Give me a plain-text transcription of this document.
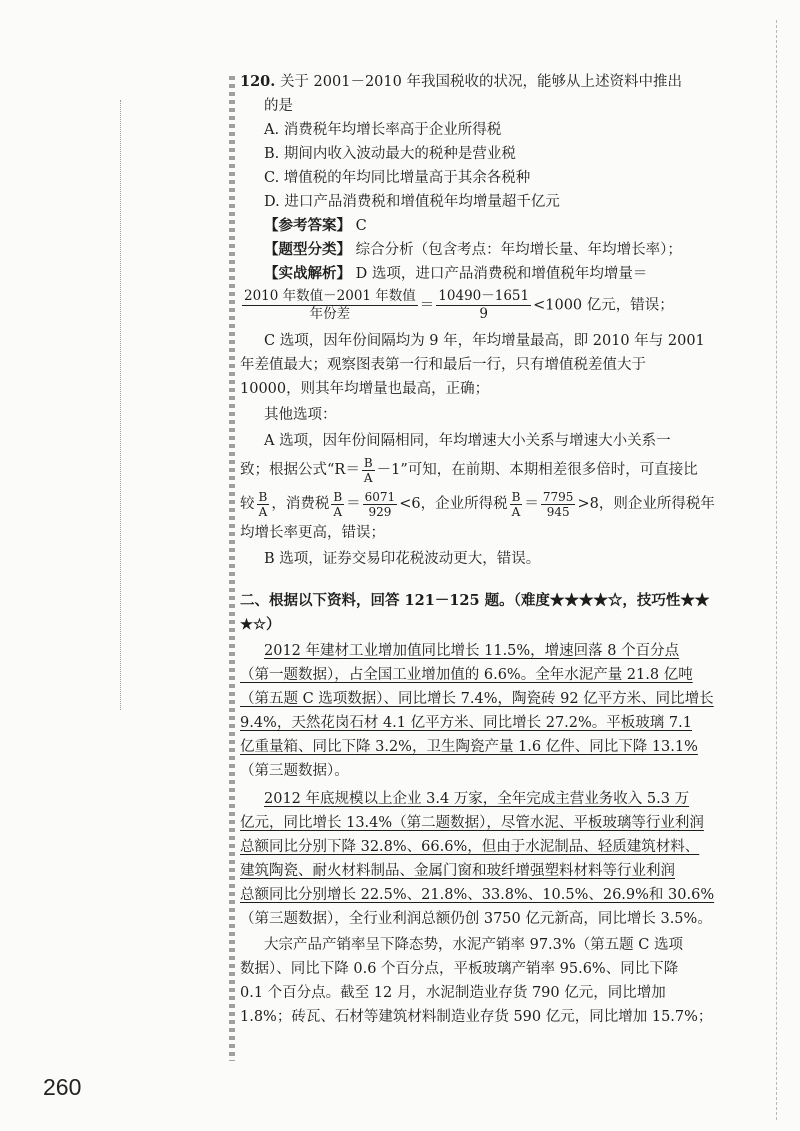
120. 关于 2001－2010 年我国税收的状况，能够从上述资料中推出
的是
A. 消费税年均增长率高于企业所得税
B. 期间内收入波动最大的税种是营业税
C. 增值税的年均同比增量高于其余各税种
D. 进口产品消费税和增值税年均增量超千亿元
【参考答案】 C
【题型分类】 综合分析（包含考点：年均增长量、年均增长率）；
【实战解析】 D 选项，进口产品消费税和增值税年均增量＝
$\frac{\text{2010 年数值－2001 年数值}}{\text{年份差}} = \frac{10490-1651}{9} <1000$ 亿元，错误；
C 选项，因年份间隔均为 9 年，年均增量最高，即 2010 年与 2001
年差值最大；观察图表第一行和最后一行，只有增值税差值大于
10000，则其年均增量也最高，正确；
其他选项：
A 选项，因年份间隔相同，年均增速大小关系与增速大小关系一
致；根据公式“$R= \frac{B}{A} -1$”可知，在前期、本期相差很多倍时，可直接比
较 $\frac{B}{A}$ ，消费税 $\frac{B}{A} = \frac{6071}{929} <6$，企业所得税 $\frac{B}{A} = \frac{7795}{945} >8$，则企业所得税年
均增长率更高，错误；
B 选项，证券交易印花税波动更大，错误。
二、根据以下资料，回答 121－125 题。（难度★★★★☆，技巧性★★
★☆）
2012 年建材工业增加值同比增长 11.5%，增速回落 8 个百分点
（第一题数据），占全国工业增加值的 6.6%。全年水泥产量 21.8 亿吨
（第五题 C 选项数据）、同比增长 7.4%，陶瓷砖 92 亿平方米、同比增长
9.4%，天然花岗石材 4.1 亿平方米、同比增长 27.2%。平板玻璃 7.1
亿重量箱、同比下降 3.2%，卫生陶瓷产量 1.6 亿件、同比下降 13.1%
（第三题数据）。
2012 年底规模以上企业 3.4 万家，全年完成主营业务收入 5.3 万
亿元，同比增长 13.4%（第二题数据），尽管水泥、平板玻璃等行业利润
总额同比分别下降 32.8%、66.6%，但由于水泥制品、轻质建筑材料、
建筑陶瓷、耐火材料制品、金属门窗和玻纤增强塑料材料等行业利润
总额同比分别增长 22.5%、21.8%、33.8%、10.5%、26.9%和 30.6%
（第三题数据），全行业利润总额仍创 3750 亿元新高，同比增长 3.5%。
大宗产品产销率呈下降态势，水泥产销率 97.3%（第五题 C 选项
数据）、同比下降 0.6 个百分点，平板玻璃产销率 95.6%、同比下降
0.1 个百分点。截至 12 月，水泥制造业存货 790 亿元，同比增加
1.8%；砖瓦、石材等建筑材料制造业存货 590 亿元，同比增加 15.7%；
260
